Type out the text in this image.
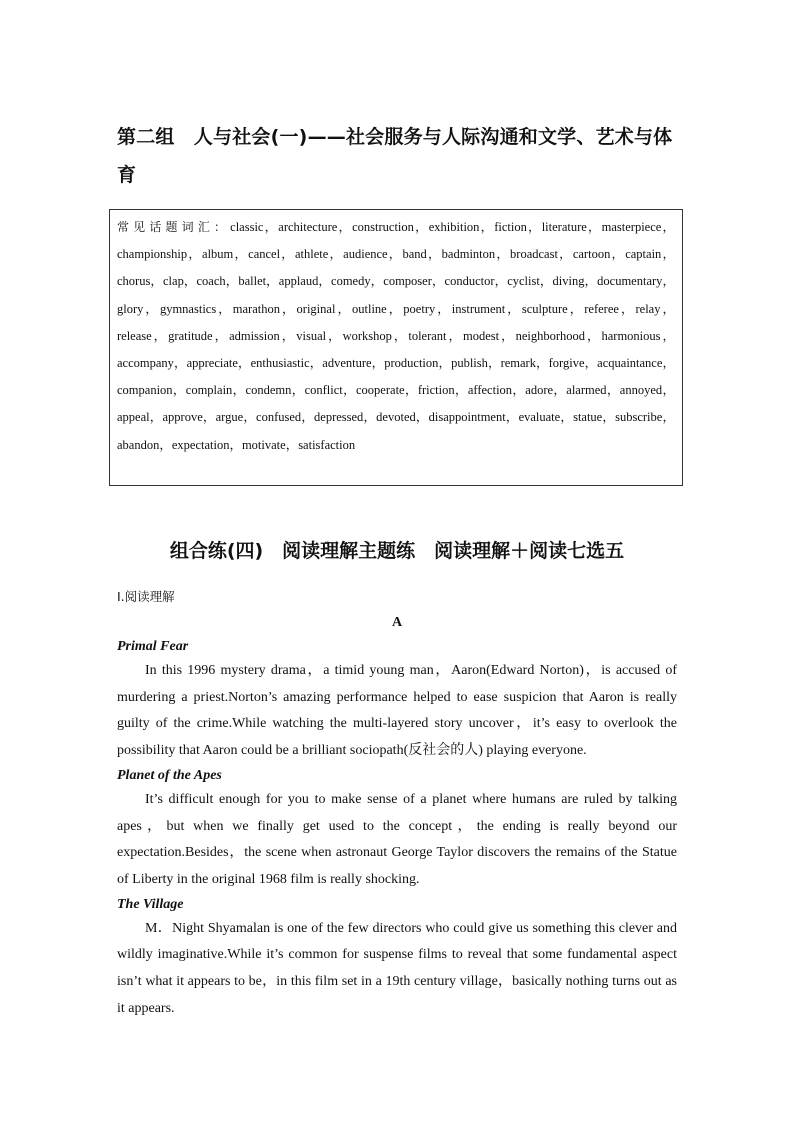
第二组　人与社会(一)——社会服务与人际沟通和文学、艺术与体育
常见话题词汇：classic，architecture，construction，exhibition，fiction，literature，masterpiece，championship，album，cancel，athlete，audience，band，badminton，broadcast，cartoon，captain，chorus，clap，coach，ballet，applaud，comedy，composer，conductor，cyclist，diving，documentary，glory，gymnastics，marathon，original，outline，poetry，instrument，sculpture，referee，relay，release，gratitude，admission，visual，workshop，tolerant，modest，neighborhood，harmonious，accompany，appreciate，enthusiastic，adventure，production，publish，remark，forgive，acquaintance，companion，complain，condemn，conflict，cooperate，friction，affection，adore，alarmed，annoyed，appeal，approve，argue，confused，depressed，devoted，disappointment，evaluate，statue，subscribe，abandon，expectation，motivate，satisfaction
组合练(四)　阅读理解主题练　阅读理解＋阅读七选五
Ⅰ.阅读理解
A
Primal Fear

In this 1996 mystery drama，a timid young man，Aaron(Edward Norton)，is accused of murdering a priest.Norton’s amazing performance helped to ease suspicion that Aaron is really guilty of the crime.While watching the multi-layered story uncover，it’s easy to overlook the possibility that Aaron could be a brilliant sociopath(反社会的人) playing everyone.

Planet of the Apes

It’s difficult enough for you to make sense of a planet where humans are ruled by talking apes，but when we finally get used to the concept，the ending is really beyond our expectation.Besides，the scene when astronaut George Taylor discovers the remains of the Statue of Liberty in the original 1968 film is really shocking.

The Village

M．Night Shyamalan is one of the few directors who could give us something this clever and wildly imaginative.While it’s common for suspense films to reveal that some fundamental aspect isn’t what it appears to be，in this film set in a 19th century village，basically nothing turns out as it appears.
